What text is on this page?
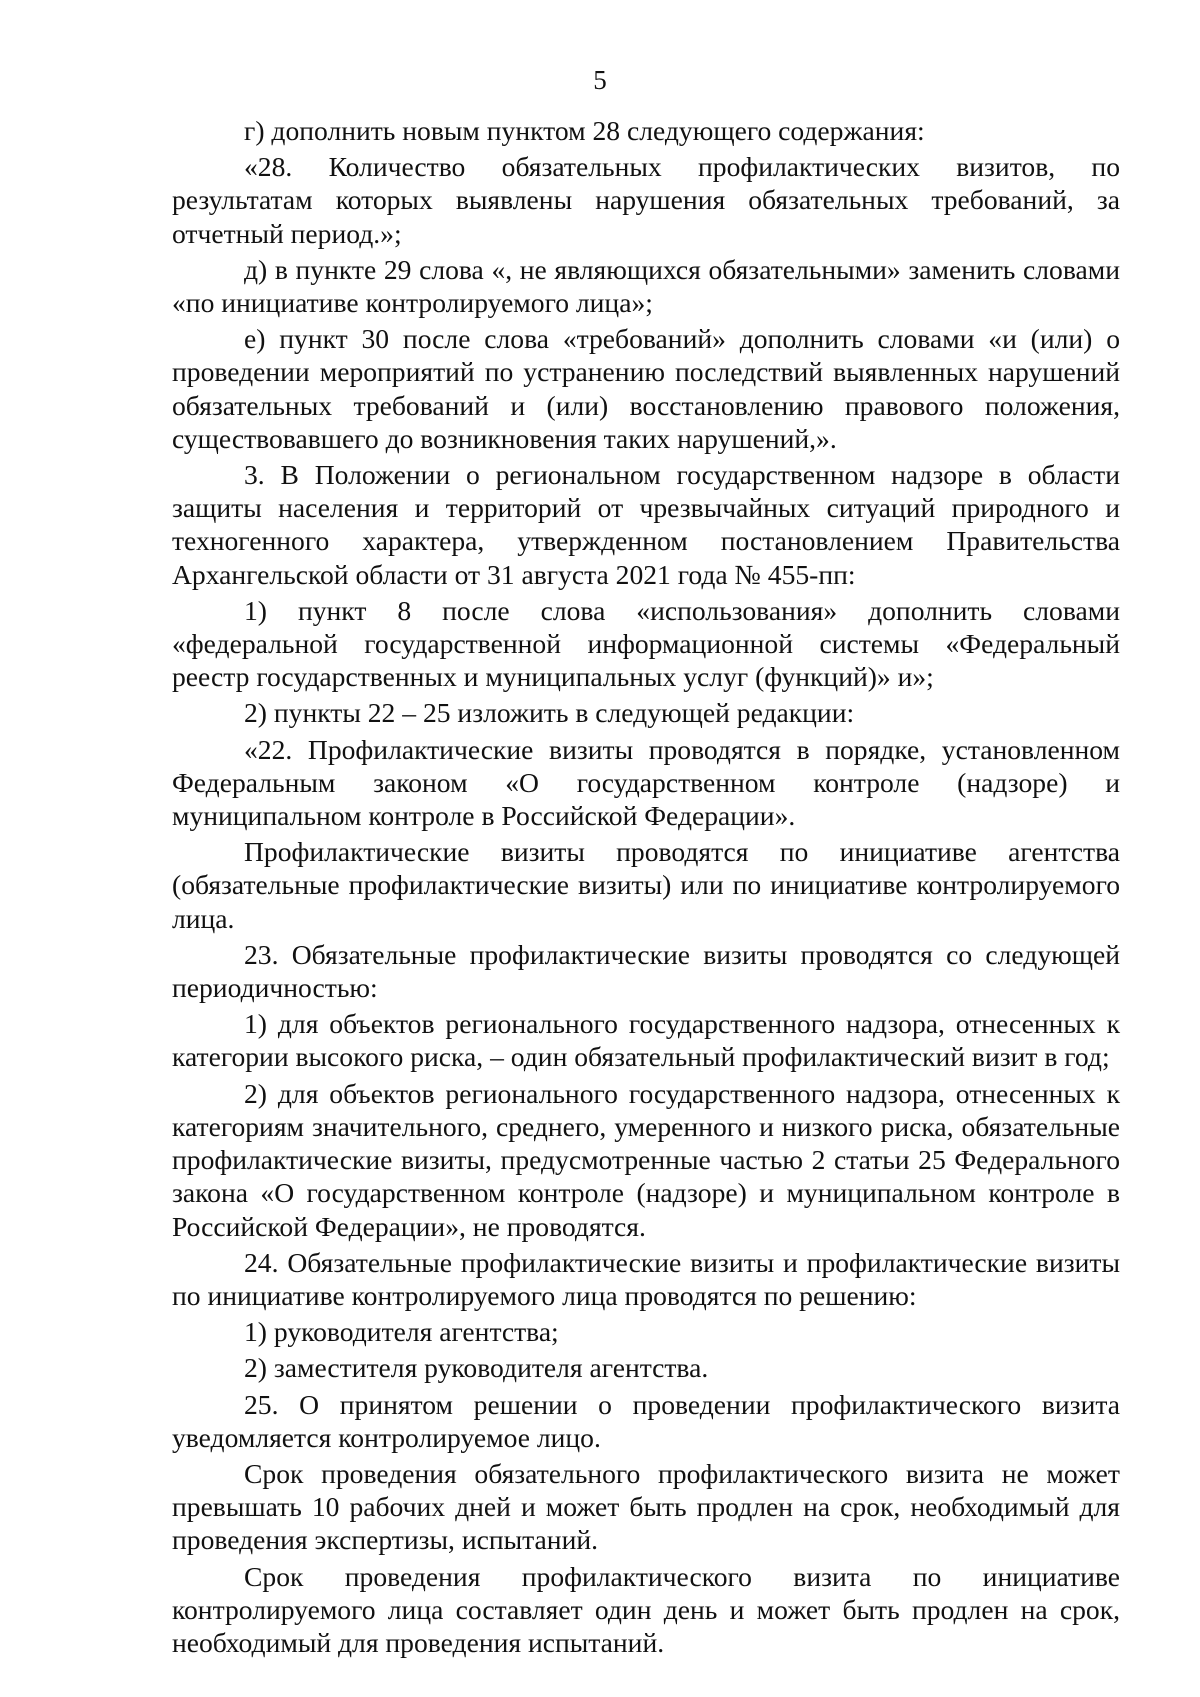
5

г) дополнить новым пунктом 28 следующего содержания:

«28. Количество обязательных профилактических визитов, по результатам которых выявлены нарушения обязательных требований, за отчетный период.»;

д) в пункте 29 слова «, не являющихся обязательными» заменить словами «по инициативе контролируемого лица»;

е) пункт 30 после слова «требований» дополнить словами «и (или) о проведении мероприятий по устранению последствий выявленных нарушений обязательных требований и (или) восстановлению правового положения, существовавшего до возникновения таких нарушений,».

3. В Положении о региональном государственном надзоре в области защиты населения и территорий от чрезвычайных ситуаций природного и техногенного характера, утвержденном постановлением Правительства Архангельской области от 31 августа 2021 года № 455-пп:

1) пункт 8 после слова «использования» дополнить словами «федеральной государственной информационной системы «Федеральный реестр государственных и муниципальных услуг (функций)» и»;

2) пункты 22 – 25 изложить в следующей редакции:

«22. Профилактические визиты проводятся в порядке, установленном Федеральным законом «О государственном контроле (надзоре) и муниципальном контроле в Российской Федерации».

Профилактические визиты проводятся по инициативе агентства (обязательные профилактические визиты) или по инициативе контролируемого лица.

23. Обязательные профилактические визиты проводятся со следующей периодичностью:

1) для объектов регионального государственного надзора, отнесенных к категории высокого риска, – один обязательный профилактический визит в год;

2) для объектов регионального государственного надзора, отнесенных к категориям значительного, среднего, умеренного и низкого риска, обязательные профилактические визиты, предусмотренные частью 2 статьи 25 Федерального закона «О государственном контроле (надзоре) и муниципальном контроле в Российской Федерации», не проводятся.

24. Обязательные профилактические визиты и профилактические визиты по инициативе контролируемого лица проводятся по решению:

1) руководителя агентства;

2) заместителя руководителя агентства.

25. О принятом решении о проведении профилактического визита уведомляется контролируемое лицо.

Срок проведения обязательного профилактического визита не может превышать 10 рабочих дней и может быть продлен на срок, необходимый для проведения экспертизы, испытаний.

Срок проведения профилактического визита по инициативе контролируемого лица составляет один день и может быть продлен на срок, необходимый для проведения испытаний.
